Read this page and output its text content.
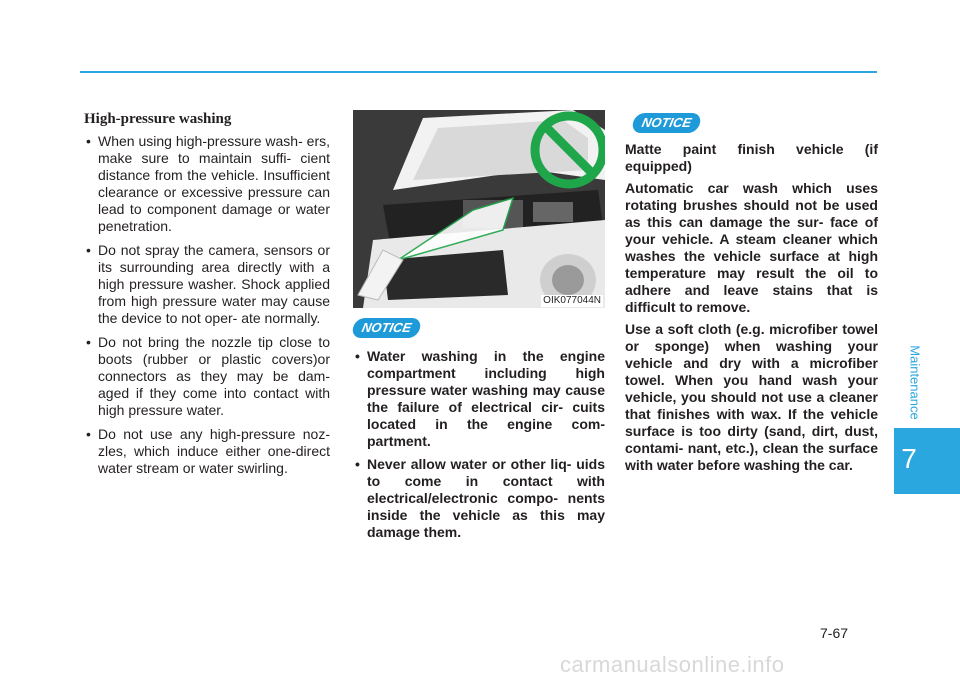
High-pressure washing
• When using high-pressure wash- ers, make sure to maintain suffi- cient distance from the vehicle. Insufficient clearance or excessive pressure can lead to component damage or water penetration.
• Do not spray the camera, sensors or its surrounding area directly with a high pressure washer. Shock applied from high pressure water may cause the device to not oper- ate normally.
• Do not bring the nozzle tip close to boots (rubber or plastic covers)or connectors as they may be dam- aged if they come into contact with high pressure water.
• Do not use any high-pressure noz- zles, which induce either one-direct water stream or water swirling.
OIK077044N
NOTICE
• Water washing in the engine compartment including high pressure water washing may cause the failure of electrical cir- cuits located in the engine com- partment.
• Never allow water or other liq- uids to come in contact with electrical/electronic compo- nents inside the vehicle as this may damage them.
NOTICE
Matte paint finish vehicle (if equipped)
Automatic car wash which uses rotating brushes should not be used as this can damage the sur- face of your vehicle. A steam cleaner which washes the vehicle surface at high temperature may result the oil to adhere and leave stains that is difficult to remove.
Use a soft cloth (e.g. microfiber towel or sponge) when washing your vehicle and dry with a microfiber towel. When you hand wash your vehicle, you should not use a cleaner that finishes with wax. If the vehicle surface is too dirty (sand, dirt, dust, contami- nant, etc.), clean the surface with water before washing the car.
Maintenance
7
7-67
carmanualsonline.info
